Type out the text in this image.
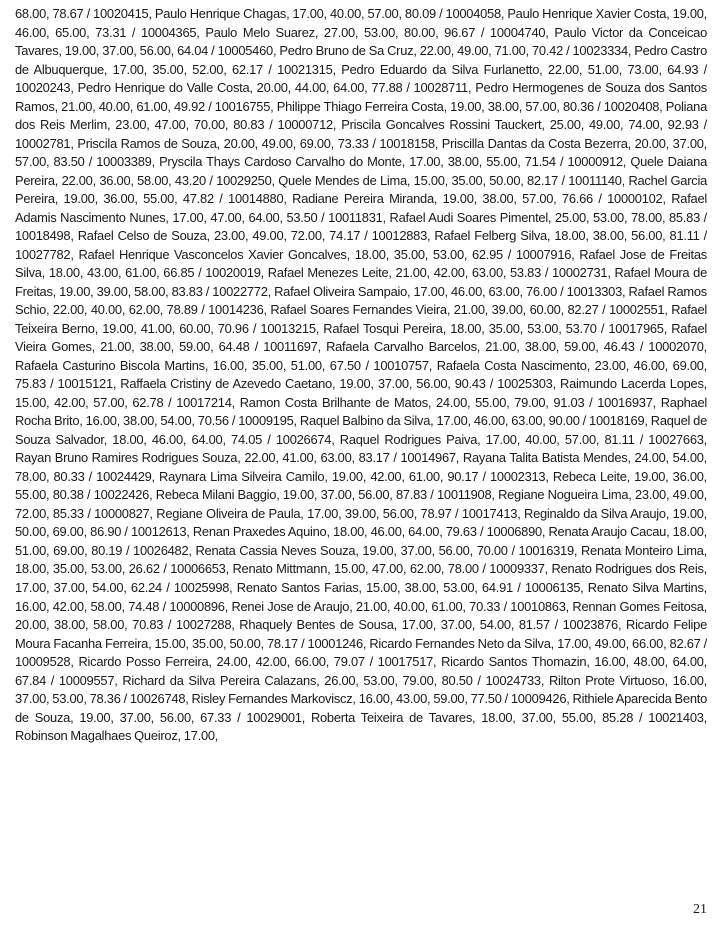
68.00, 78.67 / 10020415, Paulo Henrique Chagas, 17.00, 40.00, 57.00, 80.09 / 10004058, Paulo Henrique Xavier Costa, 19.00, 46.00, 65.00, 73.31 / 10004365, Paulo Melo Suarez, 27.00, 53.00, 80.00, 96.67 / 10004740, Paulo Victor da Conceicao Tavares, 19.00, 37.00, 56.00, 64.04 / 10005460, Pedro Bruno de Sa Cruz, 22.00, 49.00, 71.00, 70.42 / 10023334, Pedro Castro de Albuquerque, 17.00, 35.00, 52.00, 62.17 / 10021315, Pedro Eduardo da Silva Furlanetto, 22.00, 51.00, 73.00, 64.93 / 10020243, Pedro Henrique do Valle Costa, 20.00, 44.00, 64.00, 77.88 / 10028711, Pedro Hermogenes de Souza dos Santos Ramos, 21.00, 40.00, 61.00, 49.92 / 10016755, Philippe Thiago Ferreira Costa, 19.00, 38.00, 57.00, 80.36 / 10020408, Poliana dos Reis Merlim, 23.00, 47.00, 70.00, 80.83 / 10000712, Priscila Goncalves Rossini Tauckert, 25.00, 49.00, 74.00, 92.93 / 10002781, Priscila Ramos de Souza, 20.00, 49.00, 69.00, 73.33 / 10018158, Priscilla Dantas da Costa Bezerra, 20.00, 37.00, 57.00, 83.50 / 10003389, Pryscila Thays Cardoso Carvalho do Monte, 17.00, 38.00, 55.00, 71.54 / 10000912, Quele Daiana Pereira, 22.00, 36.00, 58.00, 43.20 / 10029250, Quele Mendes de Lima, 15.00, 35.00, 50.00, 82.17 / 10011140, Rachel Garcia Pereira, 19.00, 36.00, 55.00, 47.82 / 10014880, Radiane Pereira Miranda, 19.00, 38.00, 57.00, 76.66 / 10000102, Rafael Adamis Nascimento Nunes, 17.00, 47.00, 64.00, 53.50 / 10011831, Rafael Audi Soares Pimentel, 25.00, 53.00, 78.00, 85.83 / 10018498, Rafael Celso de Souza, 23.00, 49.00, 72.00, 74.17 / 10012883, Rafael Felberg Silva, 18.00, 38.00, 56.00, 81.11 / 10027782, Rafael Henrique Vasconcelos Xavier Goncalves, 18.00, 35.00, 53.00, 62.95 / 10007916, Rafael Jose de Freitas Silva, 18.00, 43.00, 61.00, 66.85 / 10020019, Rafael Menezes Leite, 21.00, 42.00, 63.00, 53.83 / 10002731, Rafael Moura de Freitas, 19.00, 39.00, 58.00, 83.83 / 10022772, Rafael Oliveira Sampaio, 17.00, 46.00, 63.00, 76.00 / 10013303, Rafael Ramos Schio, 22.00, 40.00, 62.00, 78.89 / 10014236, Rafael Soares Fernandes Vieira, 21.00, 39.00, 60.00, 82.27 / 10002551, Rafael Teixeira Berno, 19.00, 41.00, 60.00, 70.96 / 10013215, Rafael Tosqui Pereira, 18.00, 35.00, 53.00, 53.70 / 10017965, Rafael Vieira Gomes, 21.00, 38.00, 59.00, 64.48 / 10011697, Rafaela Carvalho Barcelos, 21.00, 38.00, 59.00, 46.43 / 10002070, Rafaela Casturino Biscola Martins, 16.00, 35.00, 51.00, 67.50 / 10010757, Rafaela Costa Nascimento, 23.00, 46.00, 69.00, 75.83 / 10015121, Raffaela Cristiny de Azevedo Caetano, 19.00, 37.00, 56.00, 90.43 / 10025303, Raimundo Lacerda Lopes, 15.00, 42.00, 57.00, 62.78 / 10017214, Ramon Costa Brilhante de Matos, 24.00, 55.00, 79.00, 91.03 / 10016937, Raphael Rocha Brito, 16.00, 38.00, 54.00, 70.56 / 10009195, Raquel Balbino da Silva, 17.00, 46.00, 63.00, 90.00 / 10018169, Raquel de Souza Salvador, 18.00, 46.00, 64.00, 74.05 / 10026674, Raquel Rodrigues Paiva, 17.00, 40.00, 57.00, 81.11 / 10027663, Rayan Bruno Ramires Rodrigues Souza, 22.00, 41.00, 63.00, 83.17 / 10014967, Rayana Talita Batista Mendes, 24.00, 54.00, 78.00, 80.33 / 10024429, Raynara Lima Silveira Camilo, 19.00, 42.00, 61.00, 90.17 / 10002313, Rebeca Leite, 19.00, 36.00, 55.00, 80.38 / 10022426, Rebeca Milani Baggio, 19.00, 37.00, 56.00, 87.83 / 10011908, Regiane Nogueira Lima, 23.00, 49.00, 72.00, 85.33 / 10000827, Regiane Oliveira de Paula, 17.00, 39.00, 56.00, 78.97 / 10017413, Reginaldo da Silva Araujo, 19.00, 50.00, 69.00, 86.90 / 10012613, Renan Praxedes Aquino, 18.00, 46.00, 64.00, 79.63 / 10006890, Renata Araujo Cacau, 18.00, 51.00, 69.00, 80.19 / 10026482, Renata Cassia Neves Souza, 19.00, 37.00, 56.00, 70.00 / 10016319, Renata Monteiro Lima, 18.00, 35.00, 53.00, 26.62 / 10006653, Renato Mittmann, 15.00, 47.00, 62.00, 78.00 / 10009337, Renato Rodrigues dos Reis, 17.00, 37.00, 54.00, 62.24 / 10025998, Renato Santos Farias, 15.00, 38.00, 53.00, 64.91 / 10006135, Renato Silva Martins, 16.00, 42.00, 58.00, 74.48 / 10000896, Renei Jose de Araujo, 21.00, 40.00, 61.00, 70.33 / 10010863, Rennan Gomes Feitosa, 20.00, 38.00, 58.00, 70.83 / 10027288, Rhaquely Bentes de Sousa, 17.00, 37.00, 54.00, 81.57 / 10023876, Ricardo Felipe Moura Facanha Ferreira, 15.00, 35.00, 50.00, 78.17 / 10001246, Ricardo Fernandes Neto da Silva, 17.00, 49.00, 66.00, 82.67 / 10009528, Ricardo Posso Ferreira, 24.00, 42.00, 66.00, 79.07 / 10017517, Ricardo Santos Thomazin, 16.00, 48.00, 64.00, 67.84 / 10009557, Richard da Silva Pereira Calazans, 26.00, 53.00, 79.00, 80.50 / 10024733, Rilton Prote Virtuoso, 16.00, 37.00, 53.00, 78.36 / 10026748, Risley Fernandes Markoviscz, 16.00, 43.00, 59.00, 77.50 / 10009426, Rithiele Aparecida Bento de Souza, 19.00, 37.00, 56.00, 67.33 / 10029001, Roberta Teixeira de Tavares, 18.00, 37.00, 55.00, 85.28 / 10021403, Robinson Magalhaes Queiroz, 17.00,

21
